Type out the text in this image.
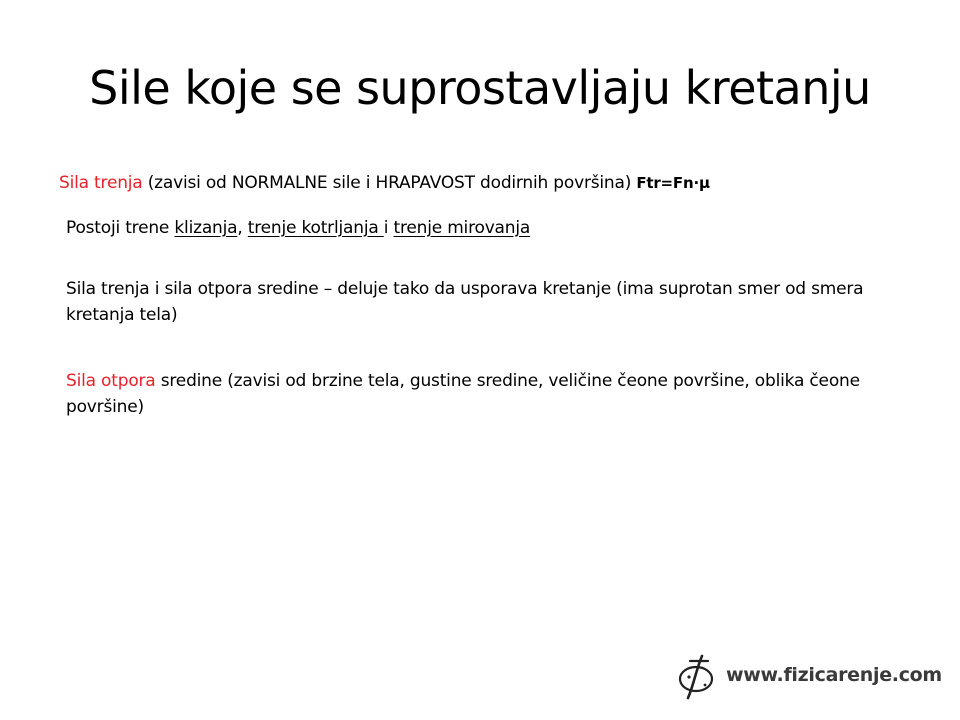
Sile koje se suprostavljaju kretanju
Sila trenja (zavisi od NORMALNE sile i HRAPAVOST dodirnih površina) Ftr=Fn·μ
Postoji trene klizanja, trenje kotrljanja i trenje mirovanja
Sila trenja i sila otpora sredine – deluje tako da usporava kretanje (ima suprotan smer od smera kretanja tela)
Sila otpora sredine (zavisi od brzine tela, gustine sredine, veličine čeone površine, oblika čeone površine)
www.fizicarenje.com
